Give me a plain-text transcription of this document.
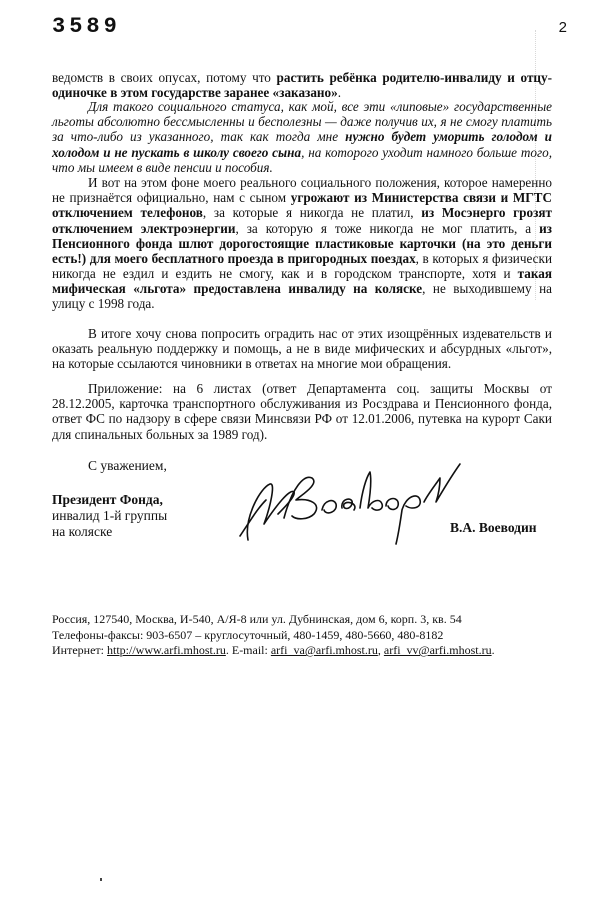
3589	2

ведомств в своих опусах, потому что растить ребёнка родителю-инвалиду и отцу-одиночке в этом государстве заранее «заказано».

Для такого социального статуса, как мой, все эти «липовые» государственные льготы абсолютно бессмысленны и бесполезны — даже получив их, я не смогу платить за что-либо из указанного, так как тогда мне нужно будет уморить голодом и холодом и не пускать в школу своего сына, на которого уходит намного больше того, что мы имеем в виде пенсии и пособия.

И вот на этом фоне моего реального социального положения, которое намеренно не признаётся официально, нам с сыном угрожают из Министерства связи и МГТС отключением телефонов, за которые я никогда не платил, из Мосэнерго грозят отключением электроэнергии, за которую я тоже никогда не мог платить, а из Пенсионного фонда шлют дорогостоящие пластиковые карточки (на это деньги есть!) для моего бесплатного проезда в пригородных поездах, в которых я физически никогда не ездил и ездить не смогу, как и в городском транспорте, хотя и такая мифическая «льгота» предоставлена инвалиду на коляске, не выходившему на улицу с 1998 года.

В итоге хочу снова попросить оградить нас от этих изощрённых издевательств и оказать реальную поддержку и помощь, а не в виде мифических и абсурдных «льгот», на которые ссылаются чиновники в ответах на многие мои обращения.

Приложение: на 6 листах (ответ Департамента соц. защиты Москвы от 28.12.2005, карточка транспортного обслуживания из Росздрава и Пенсионного фонда, ответ ФС по надзору в сфере связи Минсвязи РФ от 12.01.2006, путевка на курорт Саки для спинальных больных за 1989 год).

С уважением,
Президент Фонда,
инвалид 1-й группы
на коляске	В.А. Воеводин
Россия, 127540, Москва, И-540, А/Я-8 или ул. Дубнинская, дом 6, корп. 3, кв. 54
Телефоны-факсы: 903-6507 – круглосуточный, 480-1459, 480-5660, 480-8182
Интернет: http://www.arfi.mhost.ru. E-mail: arfi_va@arfi.mhost.ru, arfi_vv@arfi.mhost.ru.
